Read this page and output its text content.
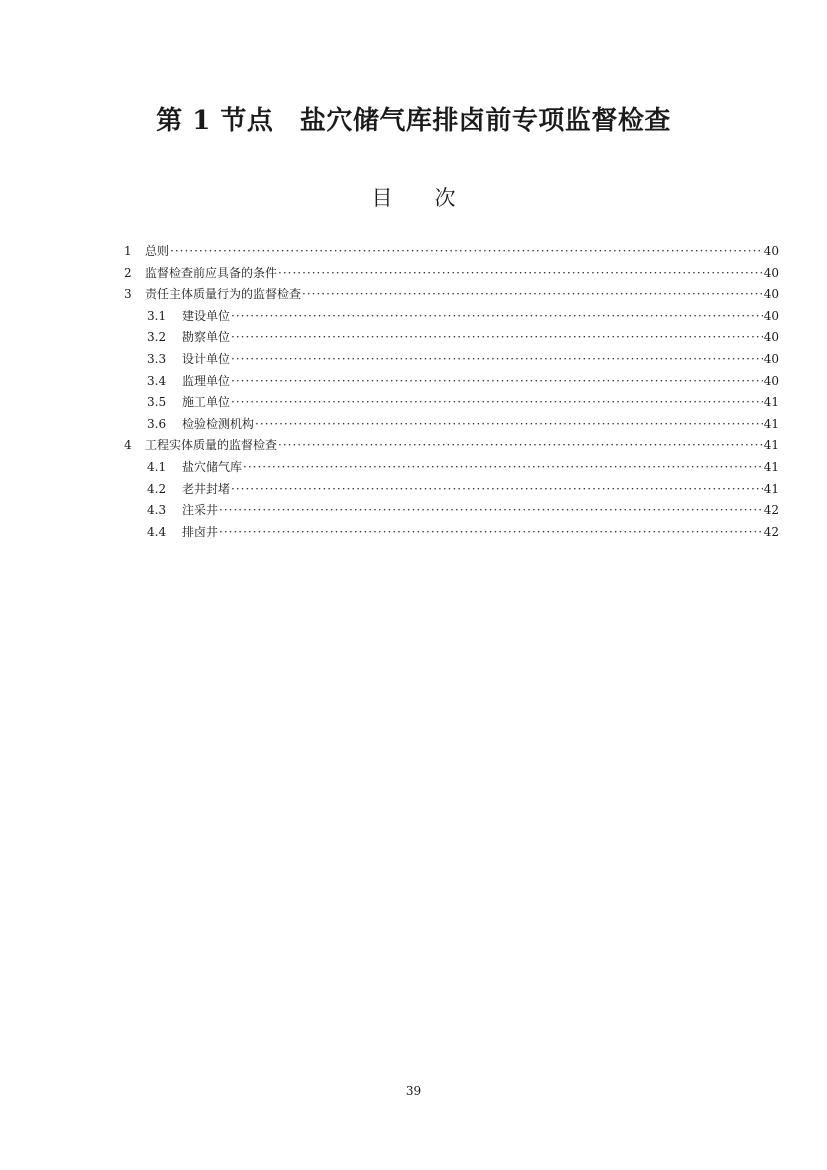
第 1 节点　盐穴储气库排卤前专项监督检查
目　　次
1	总则 ·····	40
2	监督检查前应具备的条件 ·····	40
3	责任主体质量行为的监督检查 ·····	40
3.1	建设单位 ·····	40
3.2	勘察单位 ·····	40
3.3	设计单位 ·····	40
3.4	监理单位 ·····	40
3.5	施工单位 ·····	41
3.6	检验检测机构 ·····	41
4	工程实体质量的监督检查 ·····	41
4.1	盐穴储气库 ·····	41
4.2	老井封堵 ·····	41
4.3	注采井 ·····	42
4.4	排卤井 ·····	42
39
